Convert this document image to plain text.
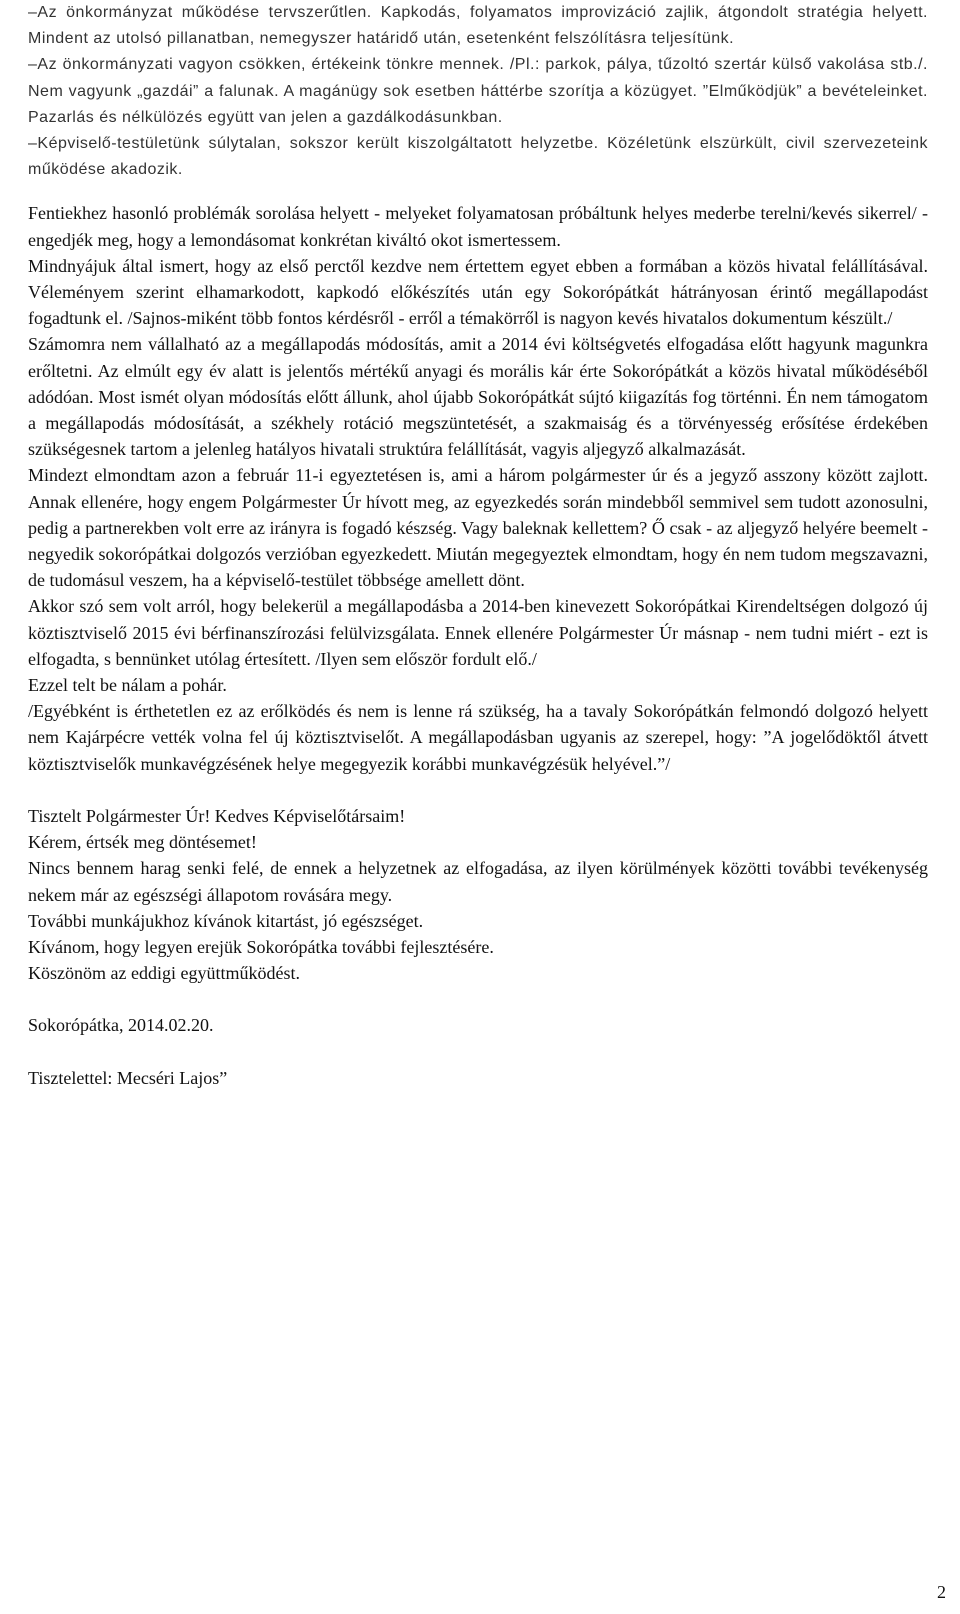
–Az önkormányzat működése tervszerűtlen. Kapkodás, folyamatos improvizáció zajlik, átgondolt stratégia helyett. Mindent az utolsó pillanatban, nemegyszer határidő után, esetenként felszólításra teljesítünk.

–Az önkormányzati vagyon csökken, értékeink tönkre mennek. /Pl.: parkok, pálya, tűzoltó szertár külső vakolása stb./. Nem vagyunk „gazdái” a falunak. A magánügy sok esetben háttérbe szorítja a közügyet. ”Elműködjük” a bevételeinket. Pazarlás és nélkülözés együtt van jelen a gazdálkodásunkban.

–Képviselő-testületünk súlytalan, sokszor került kiszolgáltatott helyzetbe. Közéletünk elszürkült, civil szervezeteink működése akadozik.

Fentiekhez hasonló problémák sorolása helyett - melyeket folyamatosan próbáltunk helyes mederbe terelni/kevés sikerrel/ - engedjék meg, hogy a lemondásomat konkrétan kiváltó okot ismertessem.

Mindnyájuk által ismert, hogy az első perctől kezdve nem értettem egyet ebben a formában a közös hivatal felállításával. Véleményem szerint elhamarkodott, kapkodó előkészítés után egy Sokorópátkát hátrányosan érintő megállapodást fogadtunk el. /Sajnos-miként több fontos kérdésről - erről a témakörről is nagyon kevés hivatalos dokumentum készült./

Számomra nem vállalható az a megállapodás módosítás, amit a 2014 évi költségvetés elfogadása előtt hagyunk magunkra erőltetni. Az elmúlt egy év alatt is jelentős mértékű anyagi és morális kár érte Sokorópátkát a közös hivatal működéséből adódóan. Most ismét olyan módosítás előtt állunk, ahol újabb Sokorópátkát sújtó kiigazítás fog történni. Én nem támogatom a megállapodás módosítását, a székhely rotáció megszüntetését, a szakmaiság és a törvényesség erősítése érdekében szükségesnek tartom a jelenleg hatályos hivatali struktúra felállítását, vagyis aljegyző alkalmazását.

Mindezt elmondtam azon a február 11-i egyeztetésen is, ami a három polgármester úr és a jegyző asszony között zajlott. Annak ellenére, hogy engem Polgármester Úr hívott meg, az egyezkedés során mindebből semmivel sem tudott azonosulni, pedig a partnerekben volt erre az irányra is fogadó készség. Vagy baleknak kellettem? Ő csak - az aljegyző helyére beemelt - negyedik sokorópátkai dolgozós verzióban egyezkedett. Miután megegyeztek elmondtam, hogy én nem tudom megszavazni, de tudomásul veszem, ha a képviselő-testület többsége amellett dönt.

Akkor szó sem volt arról, hogy belekerül a megállapodásba a 2014-ben kinevezett Sokorópátkai Kirendeltségen dolgozó új köztisztviselő 2015 évi bérfinanszírozási felülvizsgálata. Ennek ellenére Polgármester Úr másnap - nem tudni miért - ezt is elfogadta, s bennünket utólag értesített. /Ilyen sem először fordult elő./

Ezzel telt be nálam a pohár.

/Egyébként is érthetetlen ez az erőlködés és nem is lenne rá szükség, ha a tavaly Sokorópátkán felmondó dolgozó helyett nem Kajárpécre vették volna fel új köztisztviselőt. A megállapodásban ugyanis az szerepel, hogy: ”A jogelődöktől átvett köztisztviselők munkavégzésének helye megegyezik korábbi munkavégzésük helyével.”/

Tisztelt Polgármester Úr! Kedves Képviselőtársaim!

Kérem, értsék meg döntésemet!

Nincs bennem harag senki felé, de ennek a helyzetnek az elfogadása, az ilyen körülmények közötti további tevékenység nekem már az egészségi állapotom rovására megy.

További munkájukhoz kívánok kitartást, jó egészséget.

Kívánom, hogy legyen erejük Sokorópátka további fejlesztésére.

Köszönöm az eddigi együttműködést.

Sokorópátka, 2014.02.20.

Tisztelettel: Mecséri Lajos”

2
